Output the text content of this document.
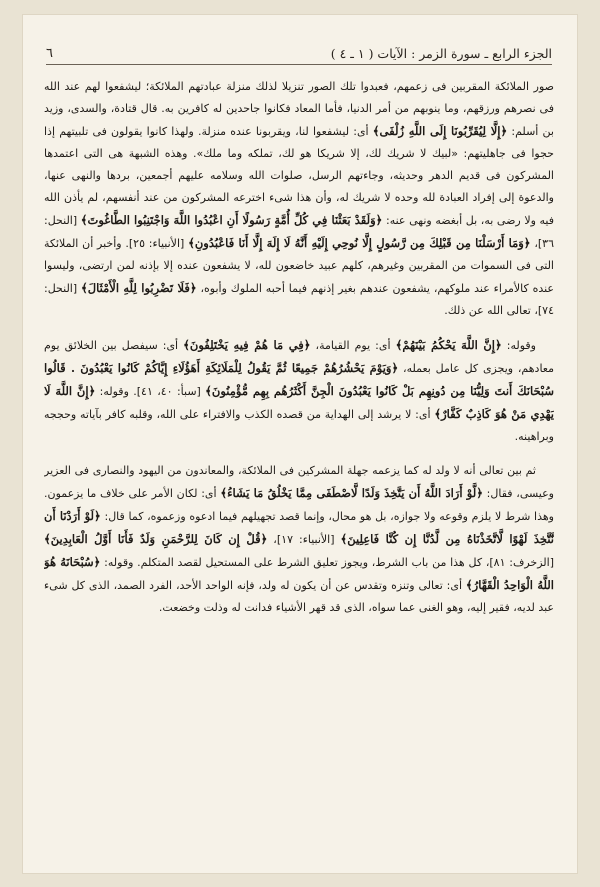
الجزء الرابع ـ سورة الزمر : الآيات ( ١ ـ ٤ )
٦

صور الملائكة المقربين فى زعمهم، فعبدوا تلك الصور تنزيلا لذلك منزلة عبادتهم الملائكة؛ ليشفعوا لهم عند الله فى نصرهم ورزقهم، وما ينوبهم من أمر الدنيا، فأما المعاد فكانوا جاحدين له كافرين به. قال قتادة، والسدى، وزيد بن أسلم: ﴿إِلَّا لِيُقَرِّبُونَا إِلَى اللَّهِ زُلْفَى﴾ أى: ليشفعوا لنا، ويقربونا عنده منزلة. ولهذا كانوا يقولون فى تلبيتهم إذا حجوا فى جاهليتهم: «لبيك لا شريك لك، إلا شريكا هو لك، تملكه وما ملك». وهذه الشبهة هى التى اعتمدها المشركون فى قديم الدهر وحديثه، وجاءتهم الرسل، صلوات الله وسلامه عليهم أجمعين، بردها والنهى عنها، والدعوة إلى إفراد العبادة لله وحده لا شريك له، وأن هذا شىء اخترعه المشركون من عند أنفسهم، لم يأذن الله فيه ولا رضى به، بل أبغضه ونهى عنه: ﴿وَلَقَدْ بَعَثْنَا فِي كُلِّ أُمَّةٍ رَسُولًا أَنِ اعْبُدُوا اللَّهَ وَاجْتَنِبُوا الطَّاغُوتَ﴾ [النحل: ٣٦]، ﴿وَمَا أَرْسَلْنَا مِن قَبْلِكَ مِن رَّسُولٍ إِلَّا نُوحِي إِلَيْهِ أَنَّهُ لَا إِلَهَ إِلَّا أَنَا فَاعْبُدُونِ﴾ [الأنبياء: ٢٥]. وأخبر أن الملائكة التى فى السموات من المقربين وغيرهم، كلهم عبيد خاضعون لله، لا يشفعون عنده إلا بإذنه لمن ارتضى، وليسوا عنده كالأمراء عند ملوكهم، يشفعون عندهم بغير إذنهم فيما أحبه الملوك وأبوه، ﴿فَلَا تَضْرِبُوا لِلَّهِ الْأَمْثَالَ﴾ [النحل: ٧٤]، تعالى الله عن ذلك.

وقوله: ﴿إِنَّ اللَّهَ يَحْكُمُ بَيْنَهُمْ﴾ أى: يوم القيامة، ﴿فِي مَا هُمْ فِيهِ يَخْتَلِفُونَ﴾ أى: سيفصل بين الخلائق يوم معادهم، ويجزى كل عامل بعمله، ﴿وَيَوْمَ يَحْشُرُهُمْ جَمِيعًا ثُمَّ يَقُولُ لِلْمَلَائِكَةِ أَهَؤُلَاءِ إِيَّاكُمْ كَانُوا يَعْبُدُونَ . قَالُوا سُبْحَانَكَ أَنتَ وَلِيُّنَا مِن دُونِهِم بَلْ كَانُوا يَعْبُدُونَ الْجِنَّ أَكْثَرُهُم بِهِم مُّؤْمِنُونَ﴾ [سبأ: ٤٠، ٤١]. وقوله: ﴿إِنَّ اللَّهَ لَا يَهْدِي مَنْ هُوَ كَاذِبٌ كَفَّارٌ﴾ أى: لا يرشد إلى الهداية من قصده الكذب والافتراء على الله، وقلبه كافر بآياته وحججه وبراهينه.

ثم بين تعالى أنه لا ولد له كما يزعمه جهلة المشركين فى الملائكة، والمعاندون من اليهود والنصارى فى العزير وعيسى، فقال: ﴿لَّوْ أَرَادَ اللَّهُ أَن يَتَّخِذَ وَلَدًا لَّاصْطَفَى مِمَّا يَخْلُقُ مَا يَشَاءُ﴾ أى: لكان الأمر على خلاف ما يزعمون. وهذا شرط لا يلزم وقوعه ولا جوازه، بل هو محال، وإنما قصد تجهيلهم فيما ادعوه وزعموه، كما قال: ﴿لَوْ أَرَدْنَا أَن نَّتَّخِذَ لَهْوًا لَّاتَّخَذْنَاهُ مِن لَّدُنَّا إِن كُنَّا فَاعِلِينَ﴾ [الأنبياء: ١٧]، ﴿قُلْ إِن كَانَ لِلرَّحْمَنِ وَلَدٌ فَأَنَا أَوَّلُ الْعَابِدِينَ﴾ [الزخرف: ٨١]، كل هذا من باب الشرط، ويجوز تعليق الشرط على المستحيل لقصد المتكلم. وقوله: ﴿سُبْحَانَهُ هُوَ اللَّهُ الْوَاحِدُ الْقَهَّارُ﴾ أى: تعالى وتنزه وتقدس عن أن يكون له ولد، فإنه الواحد الأحد، الفرد الصمد، الذى كل شىء عبد لديه، فقير إليه، وهو الغنى عما سواه، الذى قد قهر الأشياء فدانت له وذلت وخضعت.
